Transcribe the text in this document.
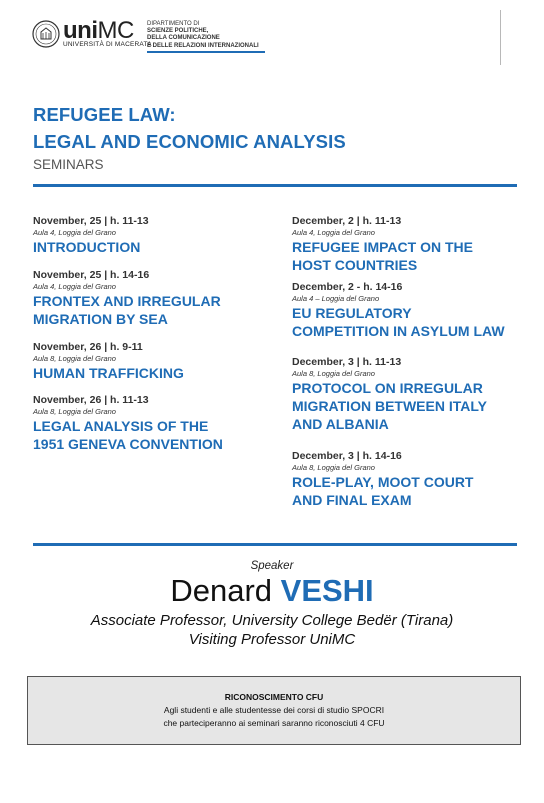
uniMC
UNIVERSITÀ DI MACERATA
DIPARTIMENTO DI
SCIENZE POLITICHE,
DELLA COMUNICAZIONE
E DELLE RELAZIONI INTERNAZIONALI
REFUGEE LAW:
LEGAL AND ECONOMIC ANALYSIS
SEMINARS
November, 25 | h. 11-13
Aula 4, Loggia del Grano
INTRODUCTION
November, 25 | h. 14-16
Aula 4, Loggia del Grano
FRONTEX AND IRREGULAR
MIGRATION BY SEA
November, 26 | h. 9-11
Aula 8, Loggia del Grano
HUMAN TRAFFICKING
November, 26 | h. 11-13
Aula 8, Loggia del Grano
LEGAL ANALYSIS OF THE
1951 GENEVA CONVENTION
December, 2 | h. 11-13
Aula 4, Loggia del Grano
REFUGEE IMPACT ON THE
HOST COUNTRIES
December, 2 - h. 14-16
Aula 4 – Loggia del Grano
EU REGULATORY
COMPETITION IN ASYLUM LAW
December, 3 | h. 11-13
Aula 8, Loggia del Grano
PROTOCOL ON IRREGULAR
MIGRATION BETWEEN ITALY
AND ALBANIA
December, 3 | h. 14-16
Aula 8, Loggia del Grano
ROLE-PLAY, MOOT COURT
AND FINAL EXAM
Speaker
Denard VESHI
Associate Professor, University College Bedër (Tirana)
Visiting Professor UniMC
RICONOSCIMENTO CFU
Agli studenti e alle studentesse dei corsi di studio SPOCRI
che parteciperanno ai seminari saranno riconosciuti 4 CFU
